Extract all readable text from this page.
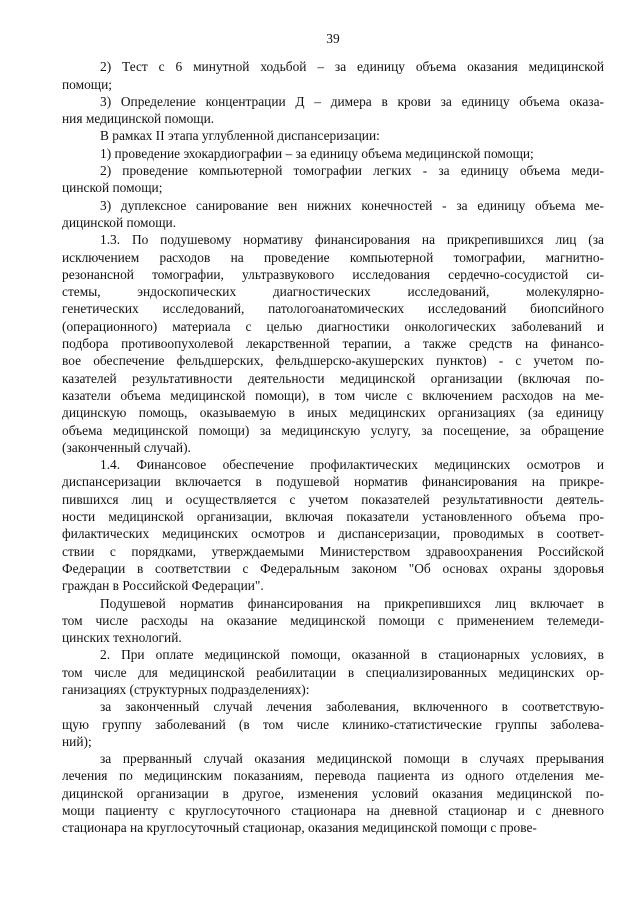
39
2) Тест с 6 минутной ходьбой – за единицу объема оказания медицинской
помощи;
3) Определение концентрации Д – димера в крови за единицу объема оказа-
ния медицинской помощи.
В рамках II этапа углубленной диспансеризации:
1) проведение эхокардиографии – за единицу объема медицинской помощи;
2) проведение компьютерной томографии легких - за единицу объема меди-
цинской помощи;
3) дуплексное санирование вен нижних конечностей - за единицу объема ме-
дицинской помощи.
1.3. По подушевому нормативу финансирования на прикрепившихся лиц (за
исключением расходов на проведение компьютерной томографии, магнитно-
резонансной томографии, ультразвукового исследования сердечно-сосудистой си-
стемы, эндоскопических диагностических исследований, молекулярно-
генетических исследований, патологоанатомических исследований биопсийного
(операционного) материала с целью диагностики онкологических заболеваний и
подбора противоопухолевой лекарственной терапии, а также средств на финансо-
вое обеспечение фельдшерских, фельдшерско-акушерских пунктов) - с учетом по-
казателей результативности деятельности медицинской организации (включая по-
казатели объема медицинской помощи), в том числе с включением расходов на ме-
дицинскую помощь, оказываемую в иных медицинских организациях (за единицу
объема медицинской помощи) за медицинскую услугу, за посещение, за обращение
(законченный случай).
1.4. Финансовое обеспечение профилактических медицинских осмотров и
диспансеризации включается в подушевой норматив финансирования на прикре-
пившихся лиц и осуществляется с учетом показателей результативности деятель-
ности медицинской организации, включая показатели установленного объема про-
филактических медицинских осмотров и диспансеризации, проводимых в соответ-
ствии с порядками, утверждаемыми Министерством здравоохранения Российской
Федерации в соответствии с Федеральным законом "Об основах охраны здоровья
граждан в Российской Федерации".
Подушевой норматив финансирования на прикрепившихся лиц включает в
том числе расходы на оказание медицинской помощи с применением телемеди-
цинских технологий.
2. При оплате медицинской помощи, оказанной в стационарных условиях, в
том числе для медицинской реабилитации в специализированных медицинских ор-
ганизациях (структурных подразделениях):
за законченный случай лечения заболевания, включенного в соответствую-
щую группу заболеваний (в том числе клинико-статистические группы заболева-
ний);
за прерванный случай оказания медицинской помощи в случаях прерывания
лечения по медицинским показаниям, перевода пациента из одного отделения ме-
дицинской организации в другое, изменения условий оказания медицинской по-
мощи пациенту с круглосуточного стационара на дневной стационар и с дневного
стационара на круглосуточный стационар, оказания медицинской помощи с прове-
